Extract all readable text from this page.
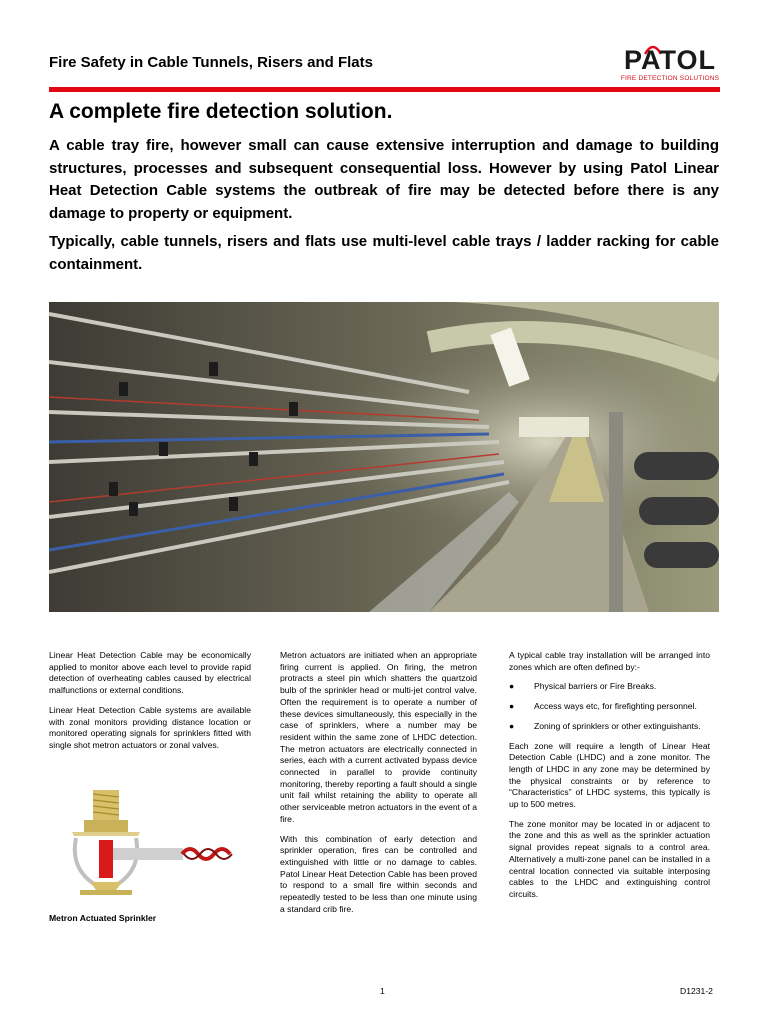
Fire Safety in Cable Tunnels, Risers and Flats	PATOL
FIRE DETECTION SOLUTIONS
A complete fire detection solution.

A cable tray fire, however small can cause extensive interruption and damage to building structures, processes and subsequent consequential loss. However by using Patol Linear Heat Detection Cable systems the outbreak of fire may be detected before there is any damage to property or equipment.

Typically, cable tunnels, risers and flats use multi-level cable trays / ladder racking for cable containment.

Linear Heat Detection Cable may be economically applied to monitor above each level to provide rapid detection of overheating cables caused by electrical malfunctions or external conditions.

Linear Heat Detection Cable systems are available with zonal monitors providing distance location or monitored operating signals for sprinklers fitted with single shot metron actuators or zonal valves.

Metron Actuated Sprinkler

Metron actuators are initiated when an appropriate firing current is applied. On firing, the metron protracts a steel pin which shatters the quartzoid bulb of the sprinkler head or multi-jet control valve. Often the requirement is to operate a number of these devices simultaneously, this especially in the case of sprinklers, where a number may be resident within the same zone of LHDC detection. The metron actuators are electrically connected in series, each with a current activated bypass device connected in parallel to provide continuity monitoring, thereby reporting a fault should a single unit fail whilst retaining the ability to operate all other serviceable metron actuators in the event of a fire.

With this combination of early detection and sprinkler operation, fires can be controlled and extinguished with little or no damage to cables. Patol Linear Heat Detection Cable has been proved to respond to a small fire within seconds and repeatedly tested to be less than one minute using a standard crib fire.

A typical cable tray installation will be arranged into zones which are often defined by:-

● Physical barriers or Fire Breaks.
● Access ways etc, for firefighting personnel.
● Zoning of sprinklers or other extinguishants.

Each zone will require a length of Linear Heat Detection Cable (LHDC) and a zone monitor. The length of LHDC in any zone may be determined by the physical constraints or by reference to “Characteristics” of LHDC systems, this typically is up to 500 metres.

The zone monitor may be located in or adjacent to the zone and this as well as the sprinkler actuation signal provides repeat signals to a control area. Alternatively a multi-zone panel can be installed in a central location connected via suitable interposing cables to the LHDC and extinguishing control circuits.

1	D1231-2
